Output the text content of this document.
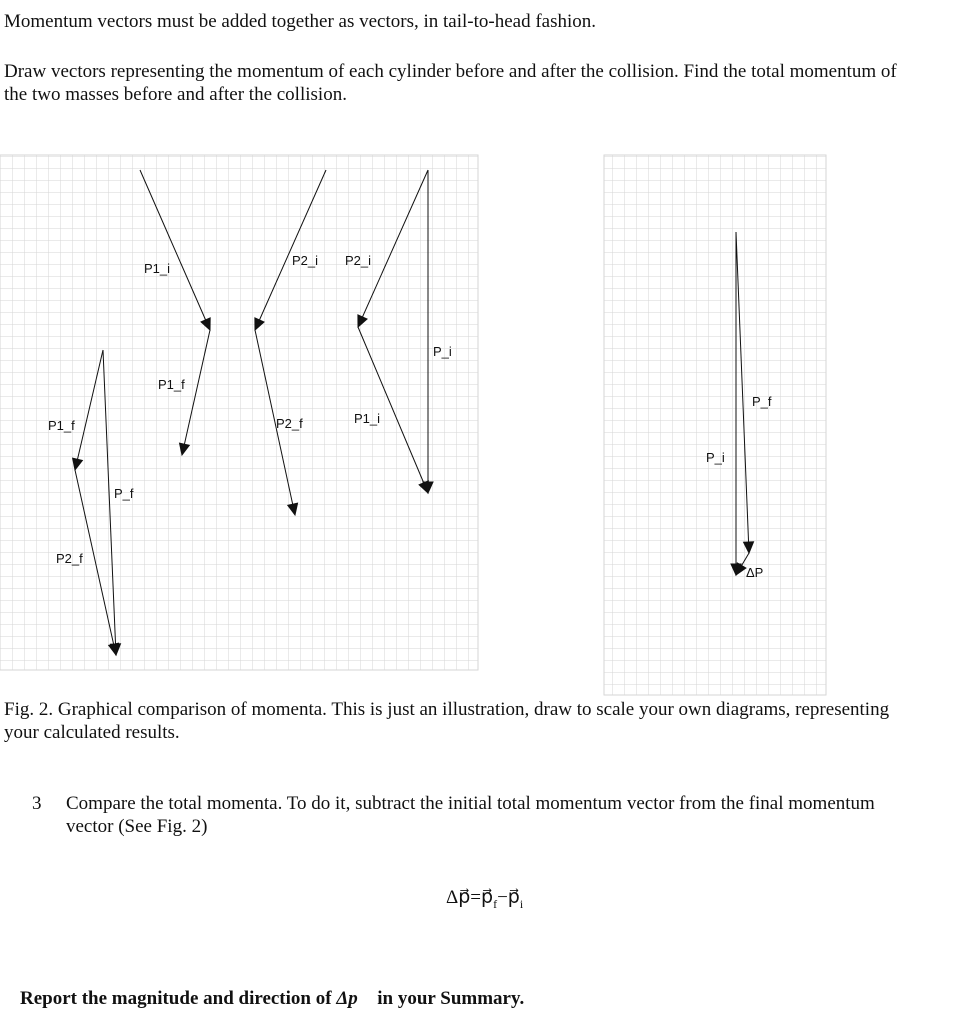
Momentum vectors must be added together as vectors, in tail-to-head fashion.

Draw vectors representing the momentum of each cylinder before and after the collision. Find the total momentum of the two masses before and after the collision.

P1_i
P2_i P2_i
P_i
P1_f
P1_f	P2_f	P1_i
P_f
P2_f
P_f
P_i
ΔP

Fig. 2. Graphical comparison of momenta. This is just an illustration, draw to scale your own diagrams, representing your calculated results.

3 Compare the total momenta. To do it, subtract the initial total momentum vector from the final momentum vector (See Fig. 2)
$\Delta p⃗=p⃗_f-p⃗_i$
Report the magnitude and direction of Δp⃗ in your Summary.
